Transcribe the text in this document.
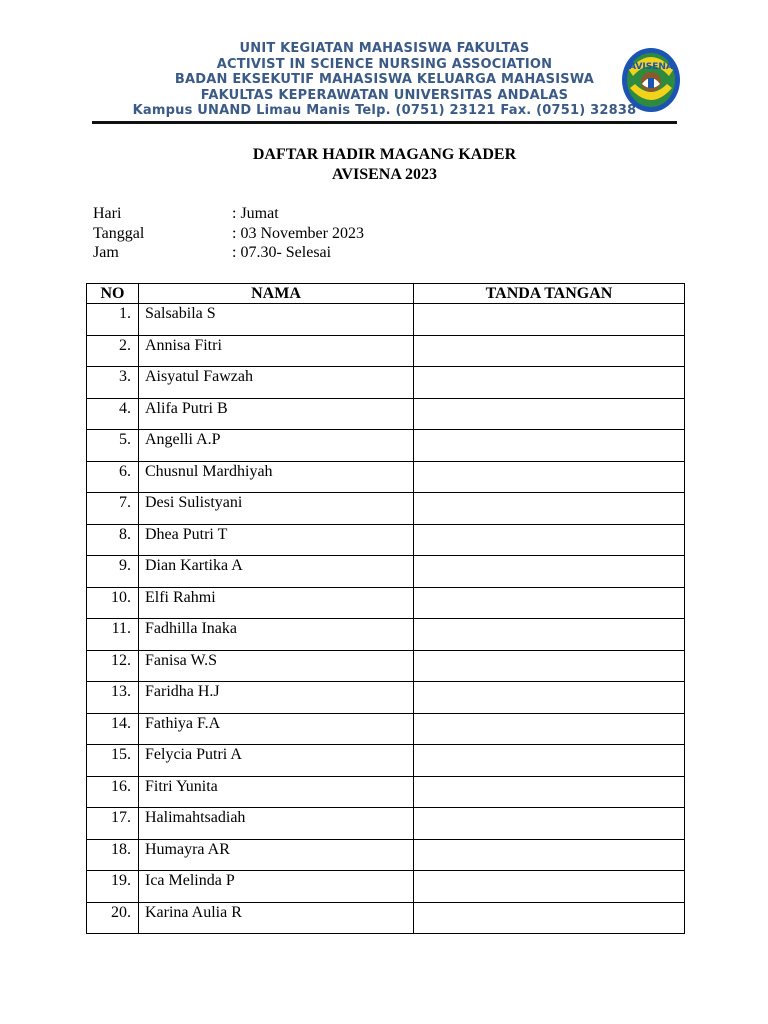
UNIT KEGIATAN MAHASISWA FAKULTAS
ACTIVIST IN SCIENCE NURSING ASSOCIATION
BADAN EKSEKUTIF MAHASISWA KELUARGA MAHASISWA
FAKULTAS KEPERAWATAN UNIVERSITAS ANDALAS
Kampus UNAND Limau Manis Telp. (0751) 23121 Fax. (0751) 32838
AVISENA
DAFTAR HADIR MAGANG KADER
AVISENA 2023
Hari	: Jumat
Tanggal	: 03 November 2023
Jam	: 07.30- Selesai
NO	NAMA	TANDA TANGAN
1.	Salsabila S	
2.	Annisa Fitri	
3.	Aisyatul Fawzah	
4.	Alifa Putri B	
5.	Angelli A.P	
6.	Chusnul Mardhiyah	
7.	Desi Sulistyani	
8.	Dhea Putri T	
9.	Dian Kartika A	
10.	Elfi Rahmi	
11.	Fadhilla Inaka	
12.	Fanisa W.S	
13.	Faridha H.J	
14.	Fathiya F.A	
15.	Felycia Putri A	
16.	Fitri Yunita	
17.	Halimahtsadiah	
18.	Humayra AR	
19.	Ica Melinda P	
20.	Karina Aulia R	
